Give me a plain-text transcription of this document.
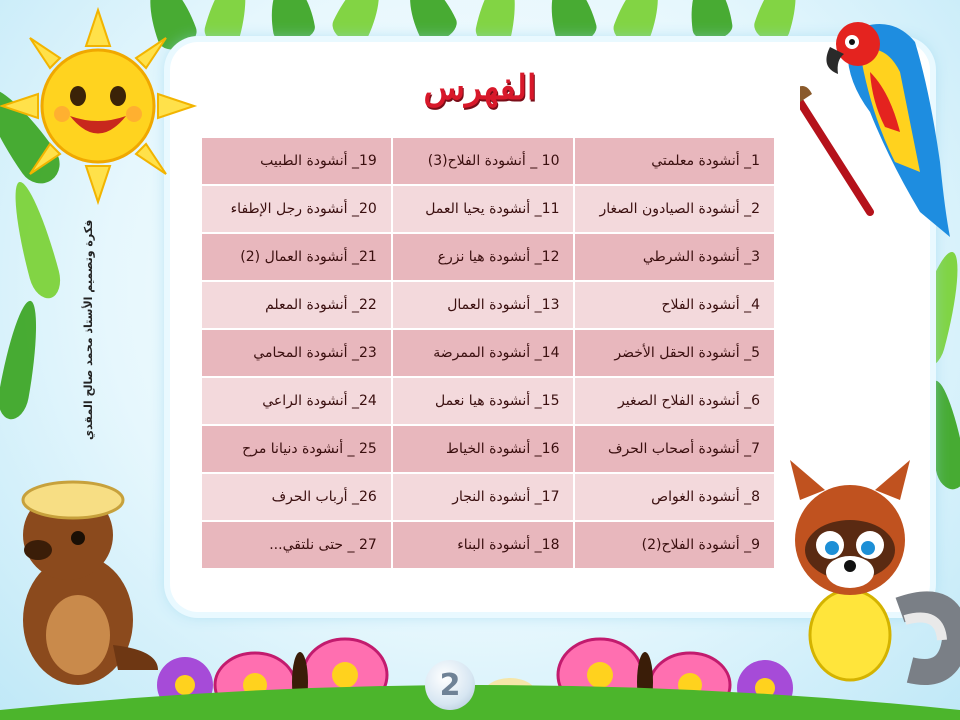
الفهرس
فكرة وتصميم الأستاذ محمد صالح المقدي
1_ أنشودة معلمتي	10 _ أنشودة الفلاح(3)	19_ أنشودة الطبيب
2_ أنشودة الصيادون الصغار	11_ أنشودة يحيا العمل	20_ أنشودة رجل الإطفاء
3_ أنشودة الشرطي	12_ أنشودة هيا نزرع	21_ أنشودة العمال (2)
4_ أنشودة الفلاح	13_ أنشودة العمال	22_ أنشودة المعلم
5_ أنشودة الحقل الأخضر	14_ أنشودة الممرضة	23_ أنشودة المحامي
6_ أنشودة الفلاح الصغير	15_ أنشودة هيا نعمل	24_ أنشودة الراعي
7_ أنشودة أصحاب الحرف	16_ أنشودة الخياط	25 _ أنشودة دنيانا مرح
8_ أنشودة الغواص	17_ أنشودة النجار	26_ أرباب الحرف
9_ أنشودة الفلاح(2)	18_ أنشودة البناء	27 _ حتى نلتقي...
2
